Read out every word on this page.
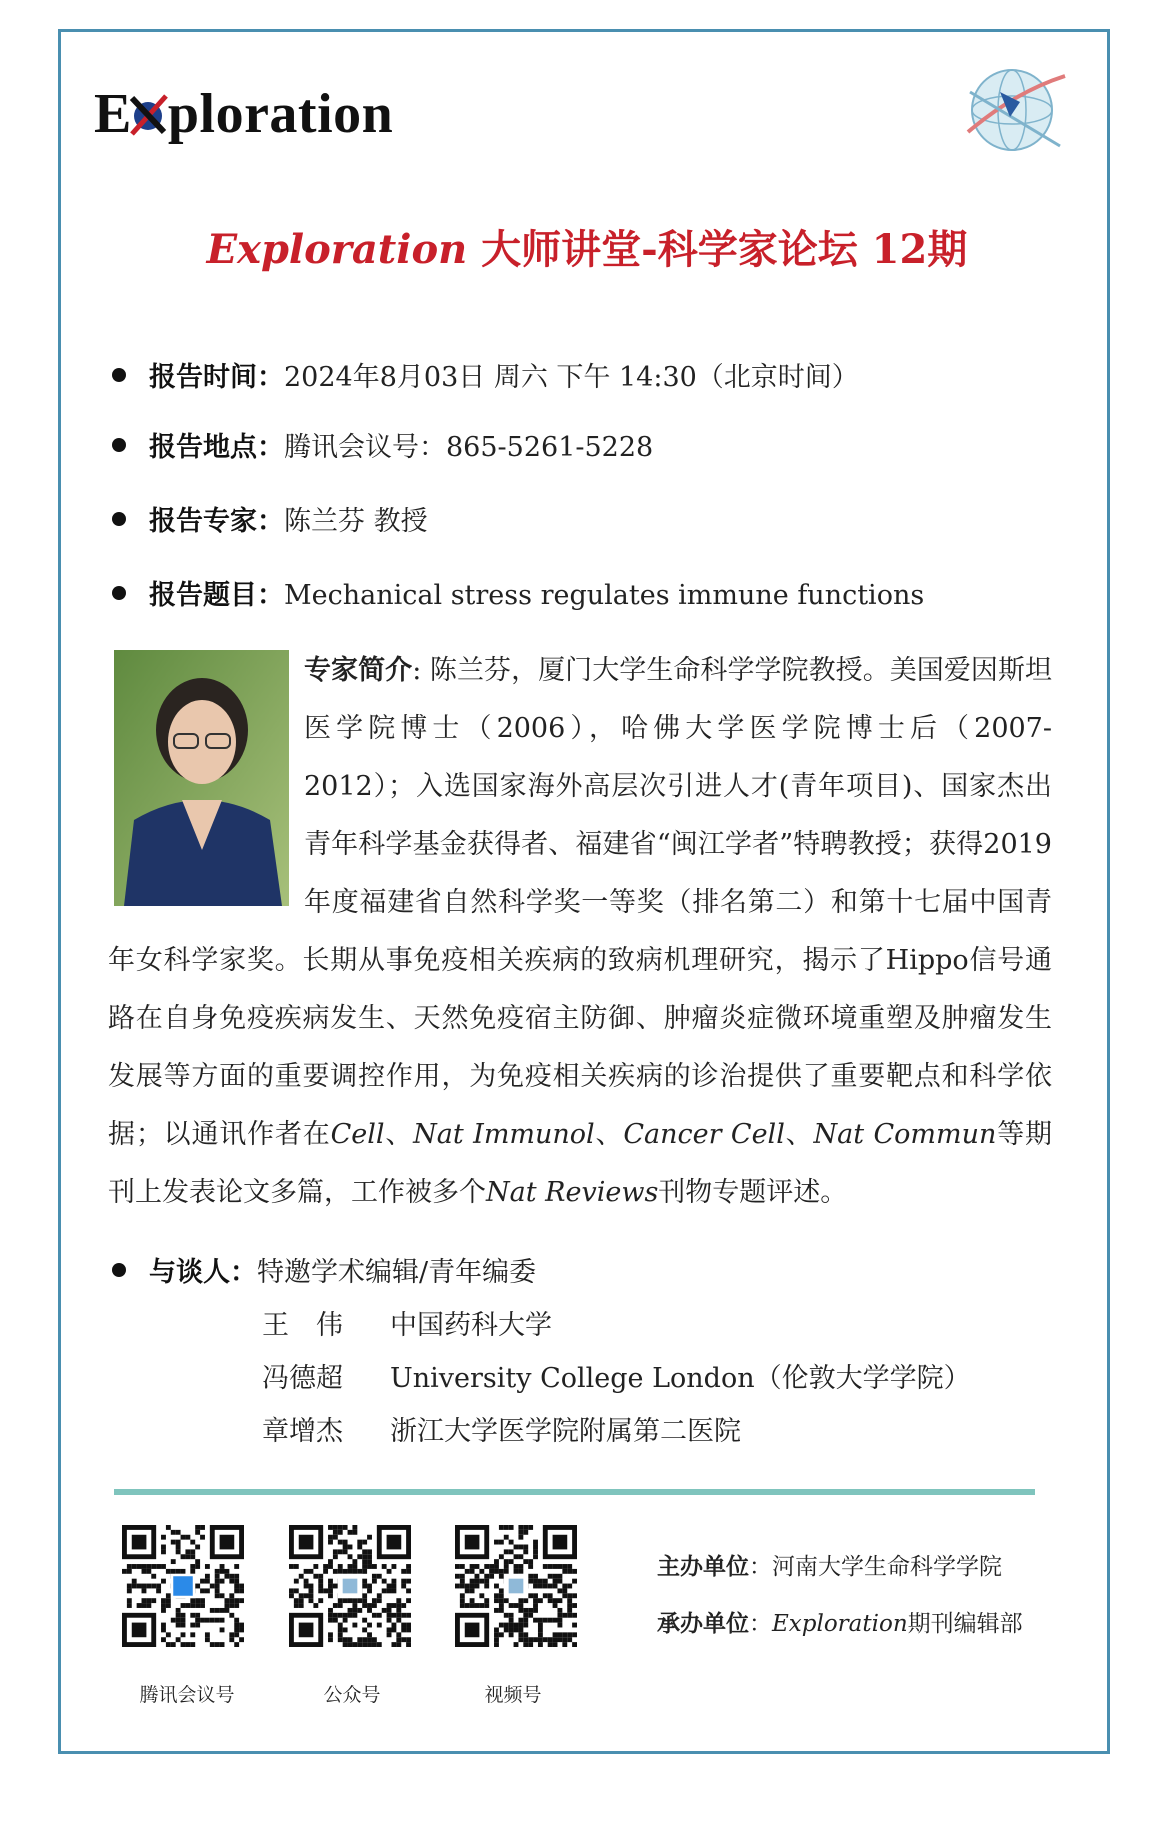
E ploration
Exploration 大师讲堂-科学家论坛 12期
报告时间：2024年8月03日 周六 下午 14:30（北京时间）
报告地点：腾讯会议号：865-5261-5228
报告专家：陈兰芬 教授
报告题目：Mechanical stress regulates immune functions
专家简介: 陈兰芬，厦门大学生命科学学院教授。美国爱因斯坦医学院博士（2006），哈佛大学医学院博士后（2007-2012）；入选国家海外高层次引进人才(青年项目)、国家杰出青年科学基金获得者、福建省“闽江学者”特聘教授；获得2019年度福建省自然科学奖一等奖（排名第二）和第十七届中国青年女科学家奖。长期从事免疫相关疾病的致病机理研究，揭示了Hippo信号通路在自身免疫疾病发生、天然免疫宿主防御、肿瘤炎症微环境重塑及肿瘤发生发展等方面的重要调控作用，为免疫相关疾病的诊治提供了重要靶点和科学依据；以通讯作者在Cell、Nat Immunol、Cancer Cell、Nat Commun等期刊上发表论文多篇，工作被多个Nat Reviews刊物专题评述。
与谈人：特邀学术编辑/青年编委
王　伟 中国药科大学
冯德超 University College London（伦敦大学学院）
章增杰 浙江大学医学院附属第二医院
腾讯会议号	公众号	视频号
主办单位：河南大学生命科学学院
承办单位：Exploration期刊编辑部
